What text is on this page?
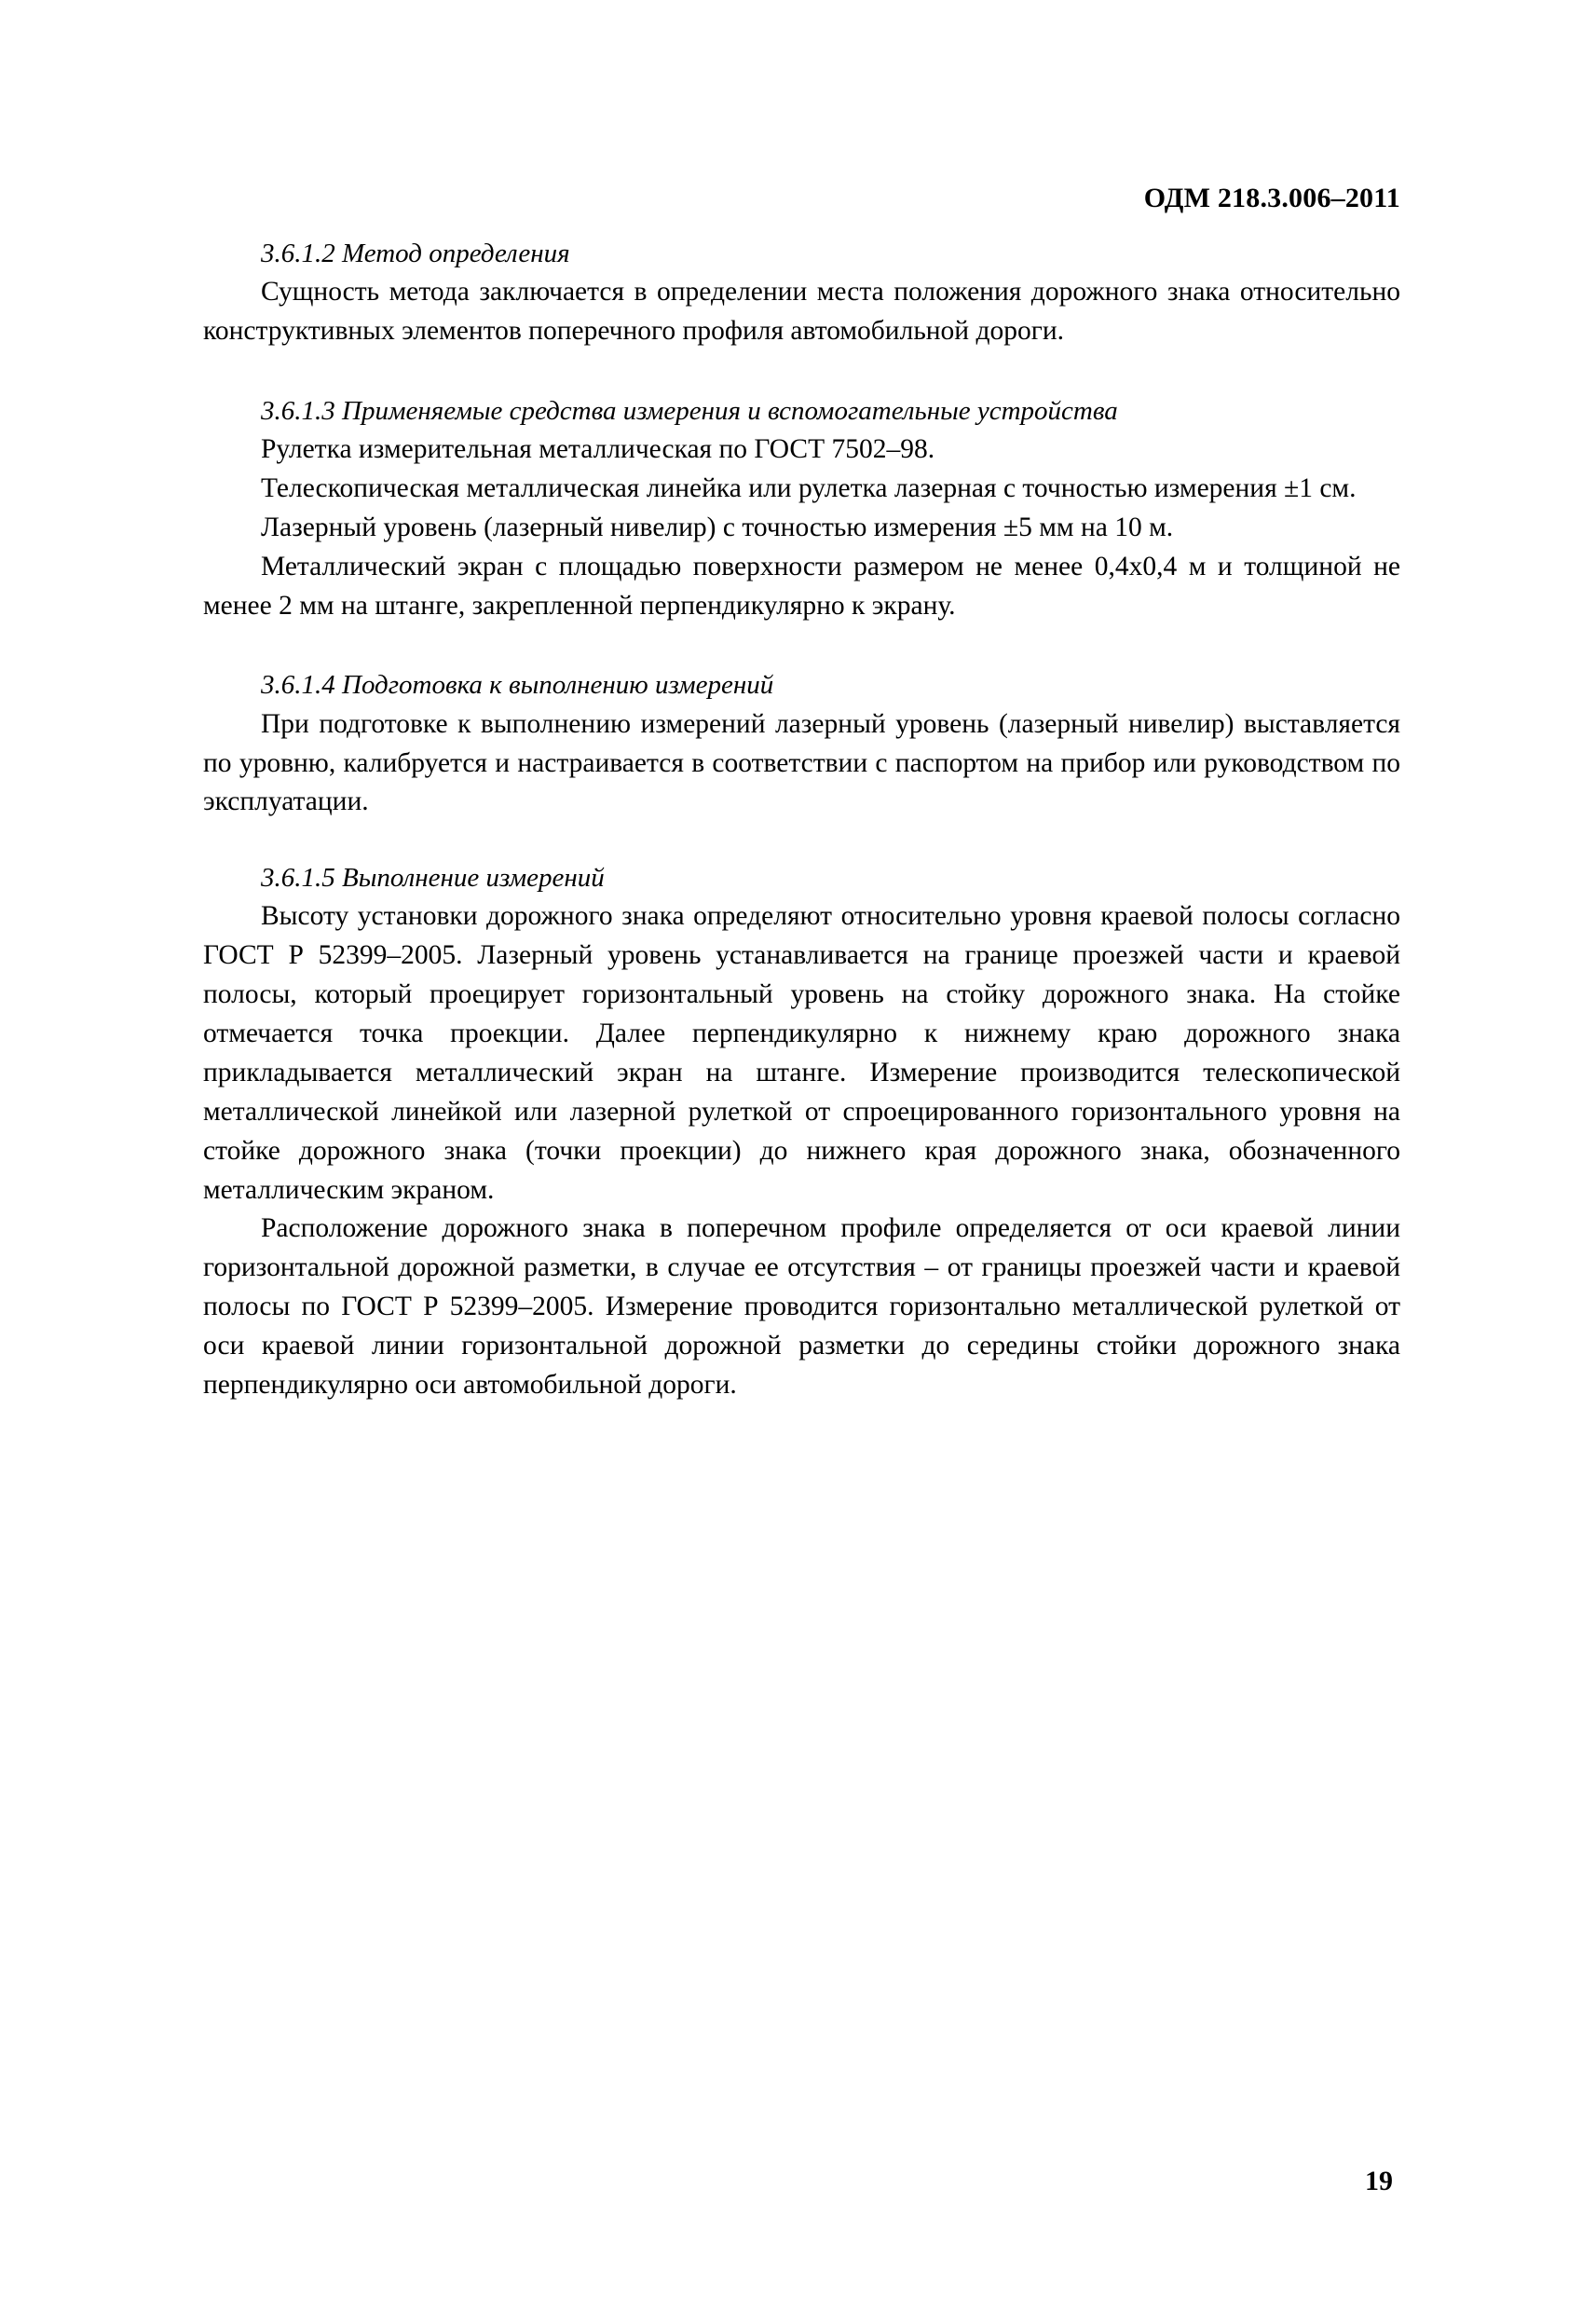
ОДМ 218.3.006–2011
3.6.1.2 Метод определения

Сущность метода заключается в определении места положения дорожного знака относительно конструктивных элементов поперечного профиля автомобильной дороги.

3.6.1.3 Применяемые средства измерения и вспомогательные устройства

Рулетка измерительная металлическая по ГОСТ 7502–98.

Телескопическая металлическая линейка или рулетка лазерная с точностью измерения ±1 см.

Лазерный уровень (лазерный нивелир) с точностью измерения ±5 мм на 10 м.

Металлический экран с площадью поверхности размером не менее 0,4х0,4 м и толщиной не менее 2 мм на штанге, закрепленной перпендикулярно к экрану.

3.6.1.4 Подготовка к выполнению измерений

При подготовке к выполнению измерений лазерный уровень (лазерный нивелир) выставляется по уровню, калибруется и настраивается в соответствии с паспортом на прибор или руководством по эксплуатации.

3.6.1.5 Выполнение измерений

Высоту установки дорожного знака определяют относительно уровня краевой полосы согласно ГОСТ Р 52399–2005. Лазерный уровень устанавливается на границе проезжей части и краевой полосы, который проецирует горизонтальный уровень на стойку дорожного знака. На стойке отмечается точка проекции. Далее перпендикулярно к нижнему краю дорожного знака прикладывается металлический экран на штанге. Измерение производится телескопической металлической линейкой или лазерной рулеткой от спроецированного горизонтального уровня на стойке дорожного знака (точки проекции) до нижнего края дорожного знака, обозначенного металлическим экраном.

Расположение дорожного знака в поперечном профиле определяется от оси краевой линии горизонтальной дорожной разметки, в случае ее отсутствия – от границы проезжей части и краевой полосы по ГОСТ Р 52399–2005. Измерение проводится горизонтально металлической рулеткой от оси краевой линии горизонтальной дорожной разметки до середины стойки дорожного знака перпендикулярно оси автомобильной дороги.

19
